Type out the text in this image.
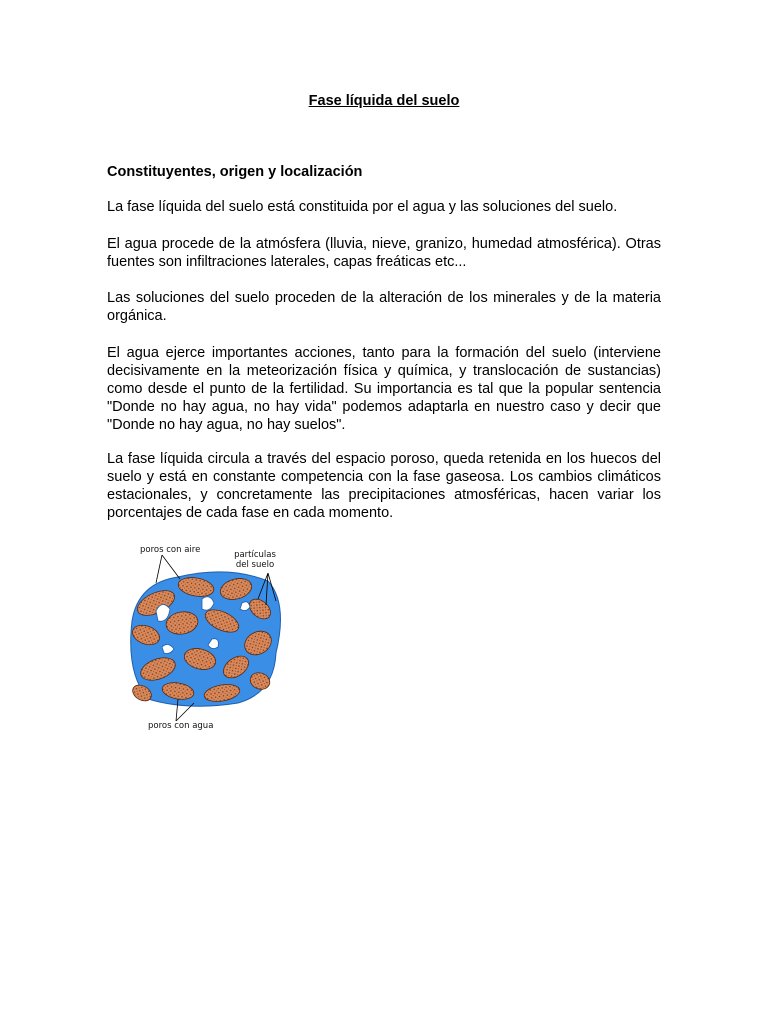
Fase líquida del suelo
Constituyentes, origen y localización
La fase líquida del suelo está constituida por el agua y las soluciones del suelo.
El agua procede de la atmósfera (lluvia, nieve, granizo, humedad atmosférica). Otras fuentes son infiltraciones laterales, capas freáticas etc...
Las soluciones del suelo proceden de la alteración de los minerales y de la materia orgánica.
El agua ejerce importantes acciones, tanto para la formación del suelo (interviene decisivamente en la meteorización física y química, y translocación de sustancias) como desde el punto de la fertilidad. Su importancia es tal que la popular sentencia "Donde no hay agua, no hay vida" podemos adaptarla en nuestro caso y decir que "Donde no hay agua, no hay suelos".
La fase líquida circula a través del espacio poroso, queda retenida en los huecos del suelo y está en constante competencia con la fase gaseosa. Los cambios climáticos estacionales, y concretamente las precipitaciones atmosféricas, hacen variar los porcentajes de cada fase en cada momento.
poros con aire	partículas del suelo
poros con agua
